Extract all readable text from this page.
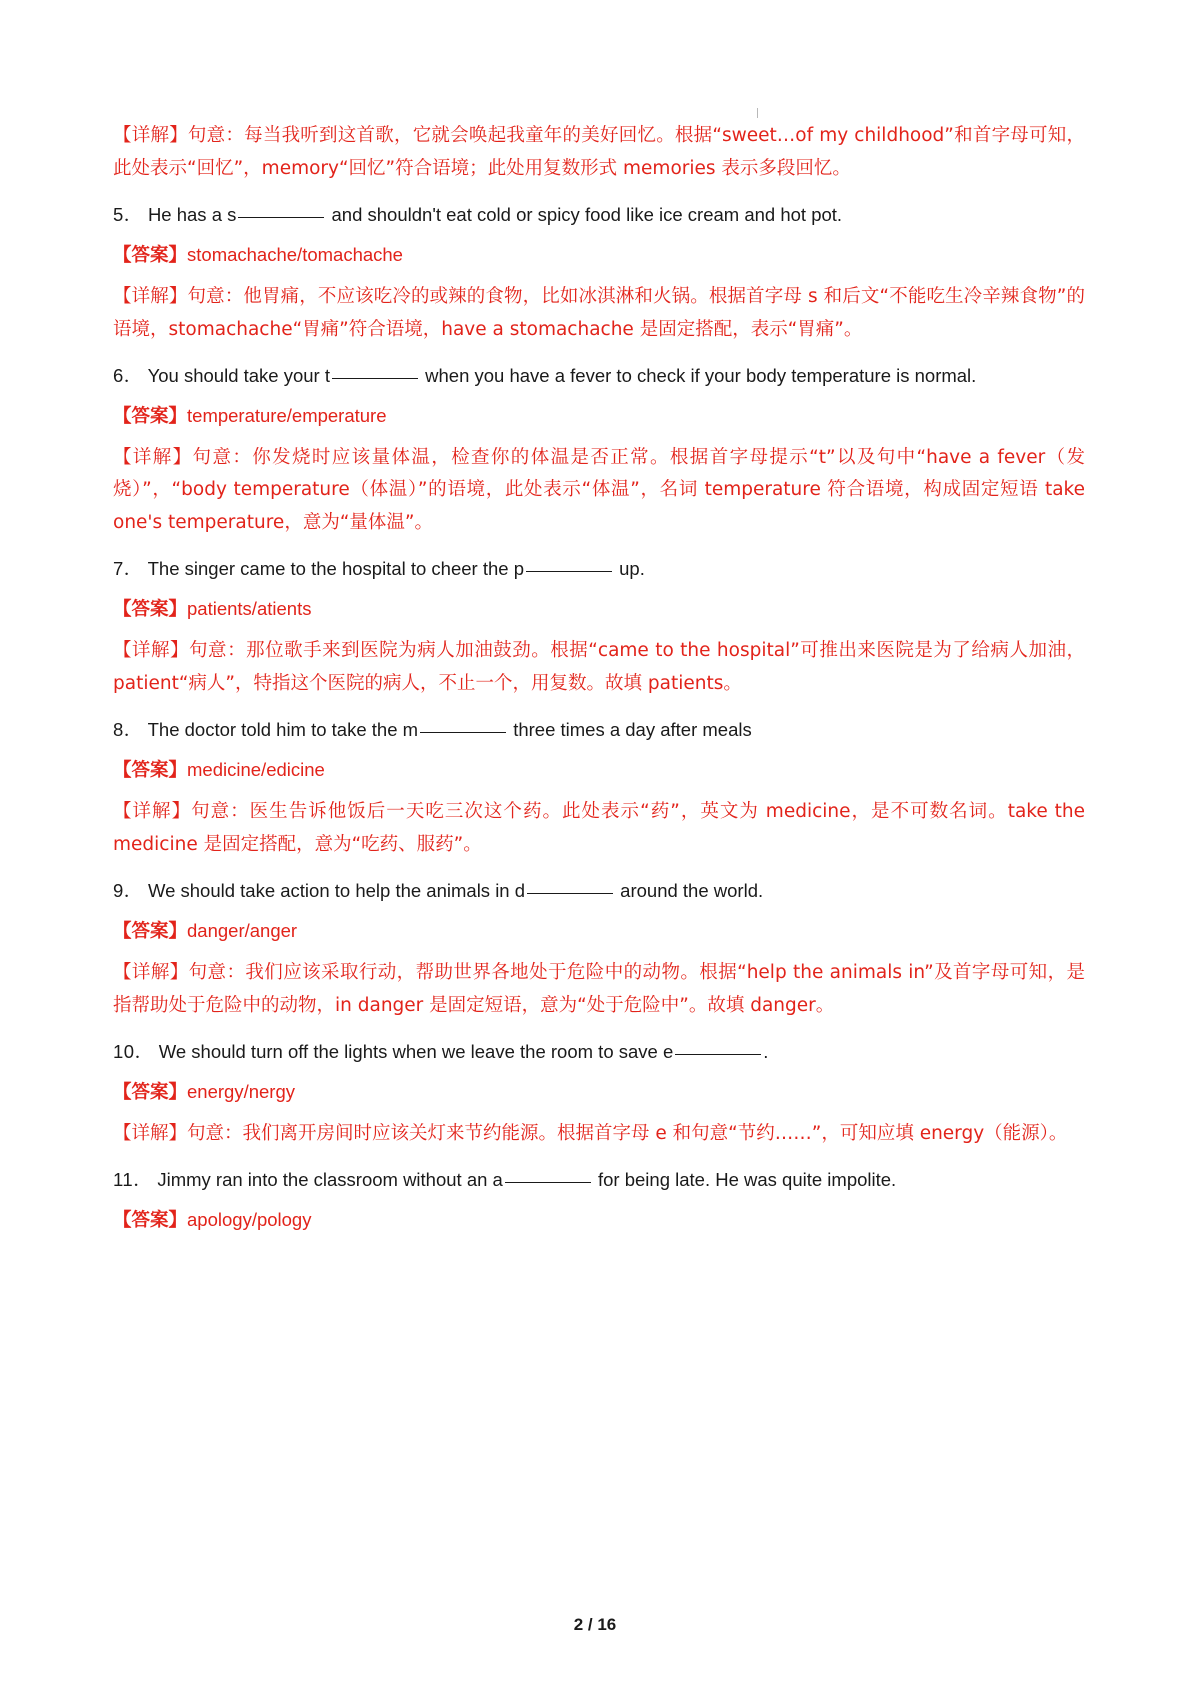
【详解】句意：每当我听到这首歌，它就会唤起我童年的美好回忆。根据“sweet…of my childhood”和首字母可知，此处表示“回忆”，memory“回忆”符合语境；此处用复数形式 memories 表示多段回忆。

5． He has a s	and shouldn't eat cold or spicy food like ice cream and hot pot.

【答案】stomachache/tomachache

【详解】句意：他胃痛，不应该吃冷的或辣的食物，比如冰淇淋和火锅。根据首字母 s 和后文“不能吃生冷辛辣食物”的语境，stomachache“胃痛”符合语境，have a stomachache 是固定搭配，表示“胃痛”。

6． You should take your t	when you have a fever to check if your body temperature is normal.

【答案】temperature/emperature

【详解】句意：你发烧时应该量体温，检查你的体温是否正常。根据首字母提示“t”以及句中“have a fever（发烧）”，“body temperature（体温）”的语境，此处表示“体温”，名词 temperature 符合语境，构成固定短语 take one's temperature，意为“量体温”。

7． The singer came to the hospital to cheer the p	up.

【答案】patients/atients

【详解】句意：那位歌手来到医院为病人加油鼓劲。根据“came to the hospital”可推出来医院是为了给病人加油，patient“病人”，特指这个医院的病人，不止一个，用复数。故填 patients。

8． The doctor told him to take the m	three times a day after meals

【答案】medicine/edicine

【详解】句意：医生告诉他饭后一天吃三次这个药。此处表示“药”，英文为 medicine，是不可数名词。take the medicine 是固定搭配，意为“吃药、服药”。

9． We should take action to help the animals in d	around the world.

【答案】danger/anger

【详解】句意：我们应该采取行动，帮助世界各地处于危险中的动物。根据“help the animals in”及首字母可知，是指帮助处于危险中的动物，in danger 是固定短语，意为“处于危险中”。故填 danger。

10． We should turn off the lights when we leave the room to save e	.

【答案】energy/nergy

【详解】句意：我们离开房间时应该关灯来节约能源。根据首字母 e 和句意“节约……”，可知应填 energy（能源）。

11． Jimmy ran into the classroom without an a	for being late. He was quite impolite.

【答案】apology/pology

2 / 16
